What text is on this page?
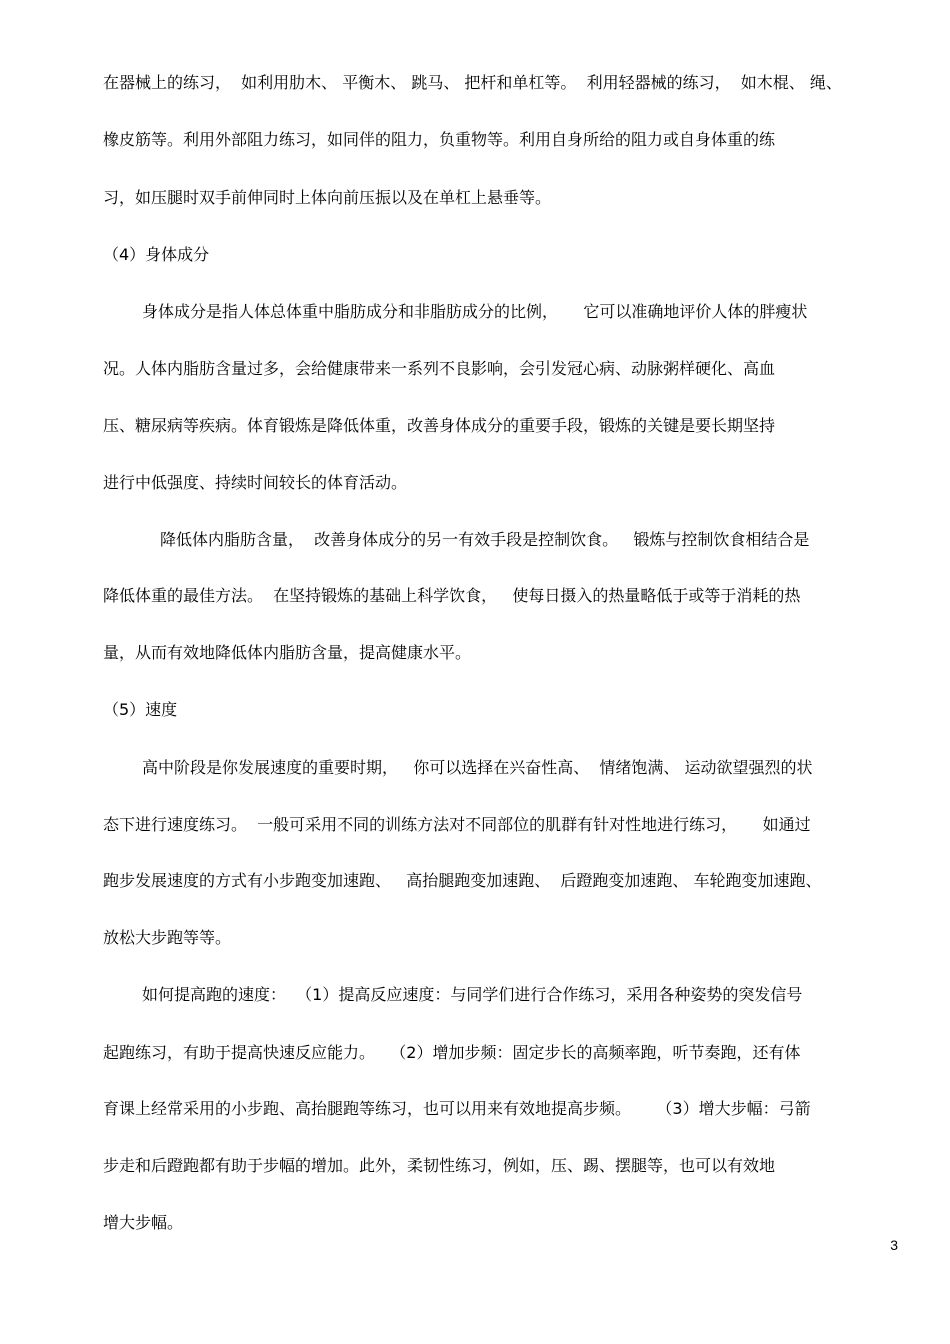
在器械上的练习，  如利用肋木、 平衡木、 跳马、 把杆和单杠等。  利用轻器械的练习，  如木棍、 绳、

橡皮筋等。利用外部阻力练习，如同伴的阻力，负重物等。利用自身所给的阻力或自身体重的练

习，如压腿时双手前伸同时上体向前压振以及在单杠上悬垂等。

（4）身体成分

身体成分是指人体总体重中脂肪成分和非脂肪成分的比例，     它可以准确地评价人体的胖瘦状

况。人体内脂肪含量过多，会给健康带来一系列不良影响，会引发冠心病、动脉粥样硬化、高血

压、糖尿病等疾病。体育锻炼是降低体重，改善身体成分的重要手段，锻炼的关键是要长期坚持

进行中低强度、持续时间较长的体育活动。

降低体内脂肪含量，  改善身体成分的另一有效手段是控制饮食。   锻炼与控制饮食相结合是

降低体重的最佳方法。  在坚持锻炼的基础上科学饮食，   使每日摄入的热量略低于或等于消耗的热

量，从而有效地降低体内脂肪含量，提高健康水平。

（5）速度

高中阶段是你发展速度的重要时期，   你可以选择在兴奋性高、  情绪饱满、 运动欲望强烈的状

态下进行速度练习。  一般可采用不同的训练方法对不同部位的肌群有针对性地进行练习，     如通过

跑步发展速度的方式有小步跑变加速跑、   高抬腿跑变加速跑、  后蹬跑变加速跑、 车轮跑变加速跑、

放松大步跑等等。

如何提高跑的速度：  （1）提高反应速度：与同学们进行合作练习，采用各种姿势的突发信号

起跑练习，有助于提高快速反应能力。   （2）增加步频：固定步长的高频率跑，听节奏跑，还有体

育课上经常采用的小步跑、高抬腿跑等练习，也可以用来有效地提高步频。     （3）增大步幅：弓箭

步走和后蹬跑都有助于步幅的增加。此外，柔韧性练习，例如，压、踢、摆腿等，也可以有效地

增大步幅。

3
